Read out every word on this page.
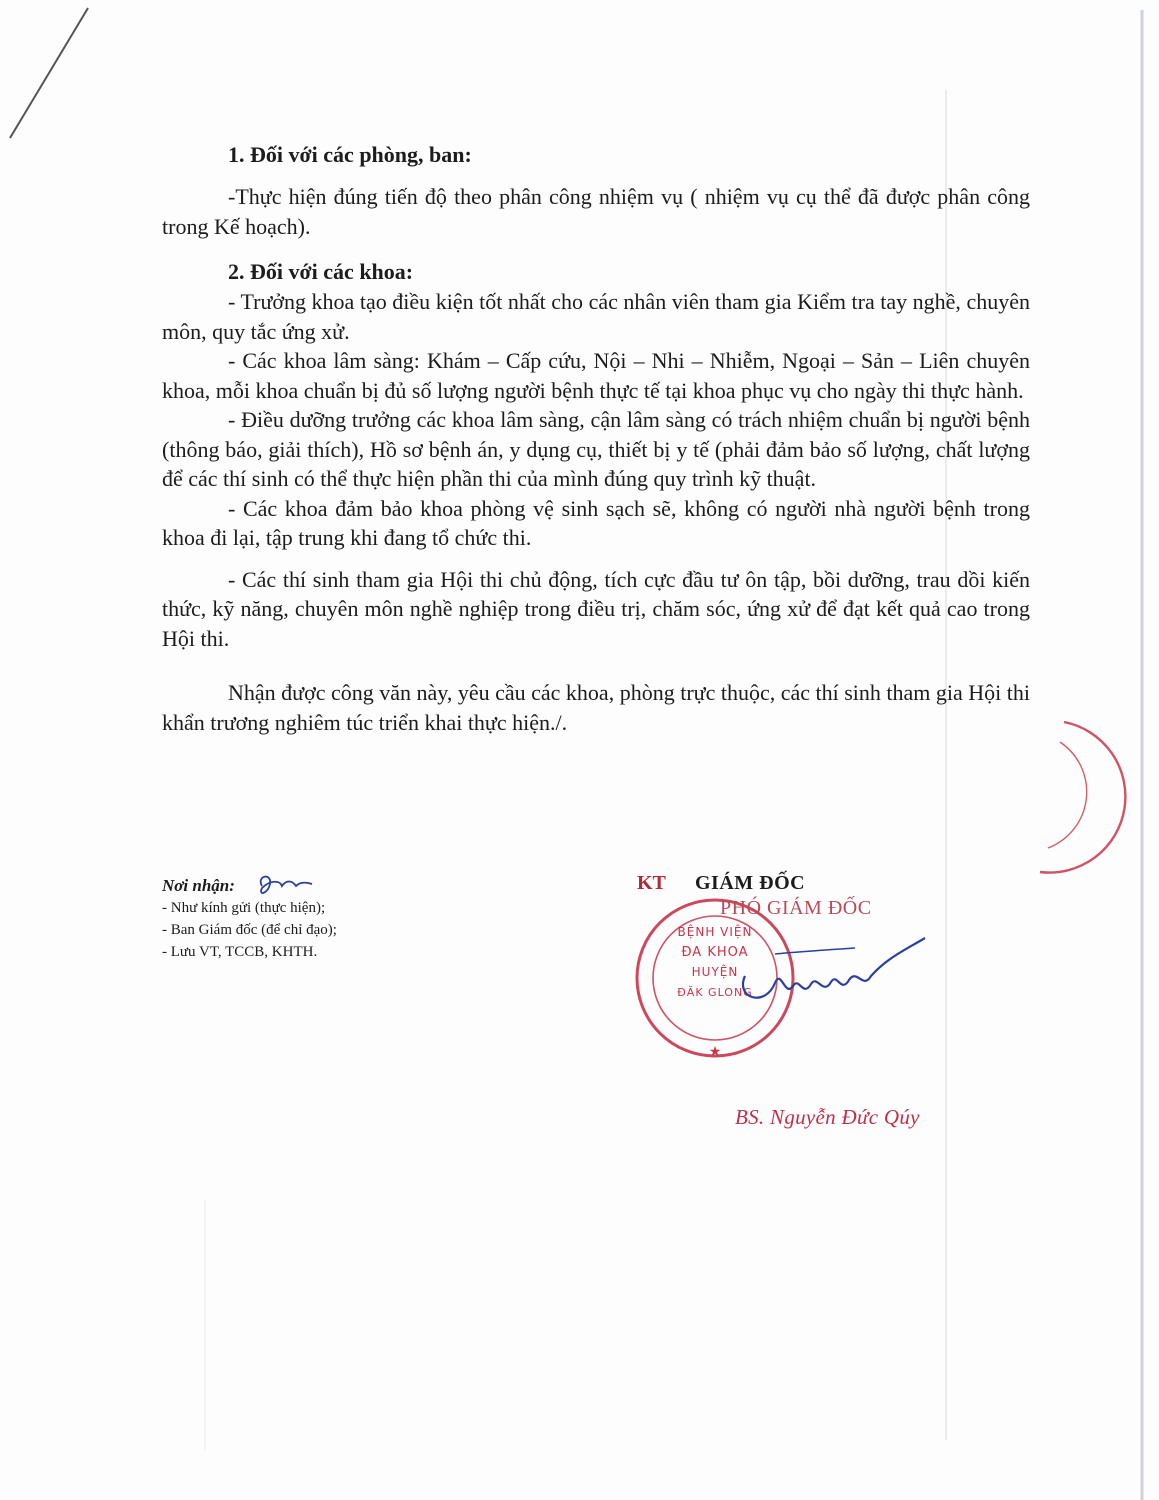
1. Đối với các phòng, ban:

-Thực hiện đúng tiến độ theo phân công nhiệm vụ ( nhiệm vụ cụ thể đã được phân công trong Kế hoạch).

2. Đối với các khoa:

- Trưởng khoa tạo điều kiện tốt nhất cho các nhân viên tham gia Kiểm tra tay nghề, chuyên môn, quy tắc ứng xử.

- Các khoa lâm sàng: Khám – Cấp cứu, Nội – Nhi – Nhiễm, Ngoại – Sản – Liên chuyên khoa, mỗi khoa chuẩn bị đủ số lượng người bệnh thực tế tại khoa phục vụ cho ngày thi thực hành.

- Điều dưỡng trưởng các khoa lâm sàng, cận lâm sàng có trách nhiệm chuẩn bị người bệnh (thông báo, giải thích), Hồ sơ bệnh án, y dụng cụ, thiết bị y tế (phải đảm bảo số lượng, chất lượng để các thí sinh có thể thực hiện phần thi của mình đúng quy trình kỹ thuật.

- Các khoa đảm bảo khoa phòng vệ sinh sạch sẽ, không có người nhà người bệnh trong khoa đi lại, tập trung khi đang tổ chức thi.

- Các thí sinh tham gia Hội thi chủ động, tích cực đầu tư ôn tập, bồi dưỡng, trau dồi kiến thức, kỹ năng, chuyên môn nghề nghiệp trong điều trị, chăm sóc, ứng xử để đạt kết quả cao trong Hội thi.

Nhận được công văn này, yêu cầu các khoa, phòng trực thuộc, các thí sinh tham gia Hội thi khẩn trương nghiêm túc triển khai thực hiện./.

Nơi nhận:
- Như kính gửi (thực hiện);
- Ban Giám đốc (để chỉ đạo);
- Lưu VT, TCCB, KHTH.
★
BỆNH VIỆN
ĐA KHOA
HUYỆN
ĐĂK GLONG
KT GIÁM ĐỐC
PHÓ GIÁM ĐỐC
BS. Nguyễn Đức Qúy
